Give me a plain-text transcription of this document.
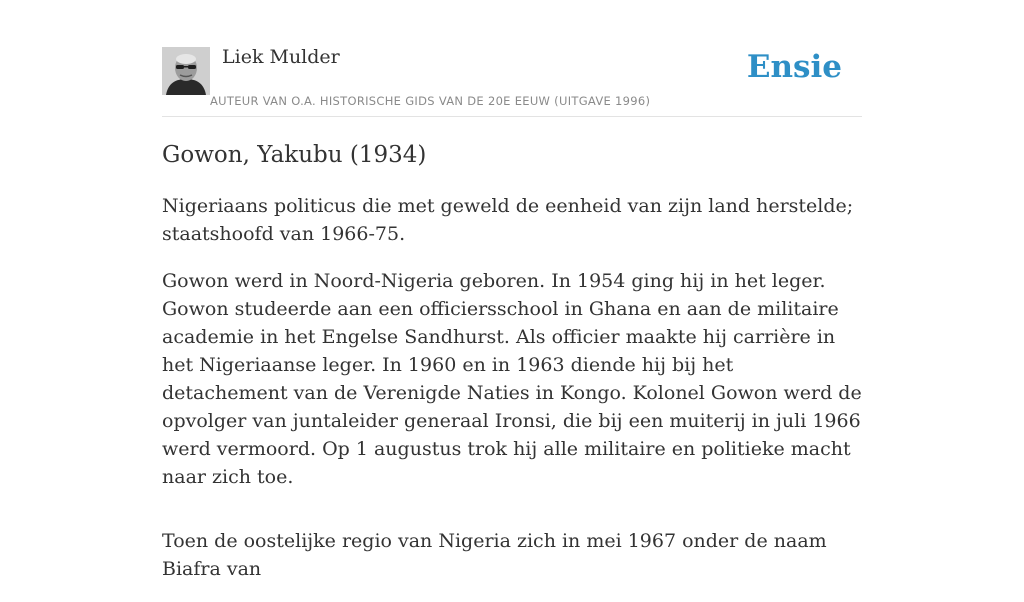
Liek Mulder
AUTEUR VAN O.A. HISTORISCHE GIDS VAN DE 20E EEUW (UITGAVE 1996)
Ensie
Gowon, Yakubu (1934)

Nigeriaans politicus die met geweld de eenheid van zijn land herstelde; staatshoofd van 1966-75.

Gowon werd in Noord-Nigeria geboren. In 1954 ging hij in het leger. Gowon studeerde aan een officiersschool in Ghana en aan de militaire academie in het Engelse Sandhurst. Als officier maakte hij carrière in het Nigeriaanse leger. In 1960 en in 1963 diende hij bij het detachement van de Verenigde Naties in Kongo. Kolonel Gowon werd de opvolger van juntaleider generaal Ironsi, die bij een muiterij in juli 1966 werd vermoord. Op 1 augustus trok hij alle militaire en politieke macht naar zich toe.

Toen de oostelijke regio van Nigeria zich in mei 1967 onder de naam Biafra van
